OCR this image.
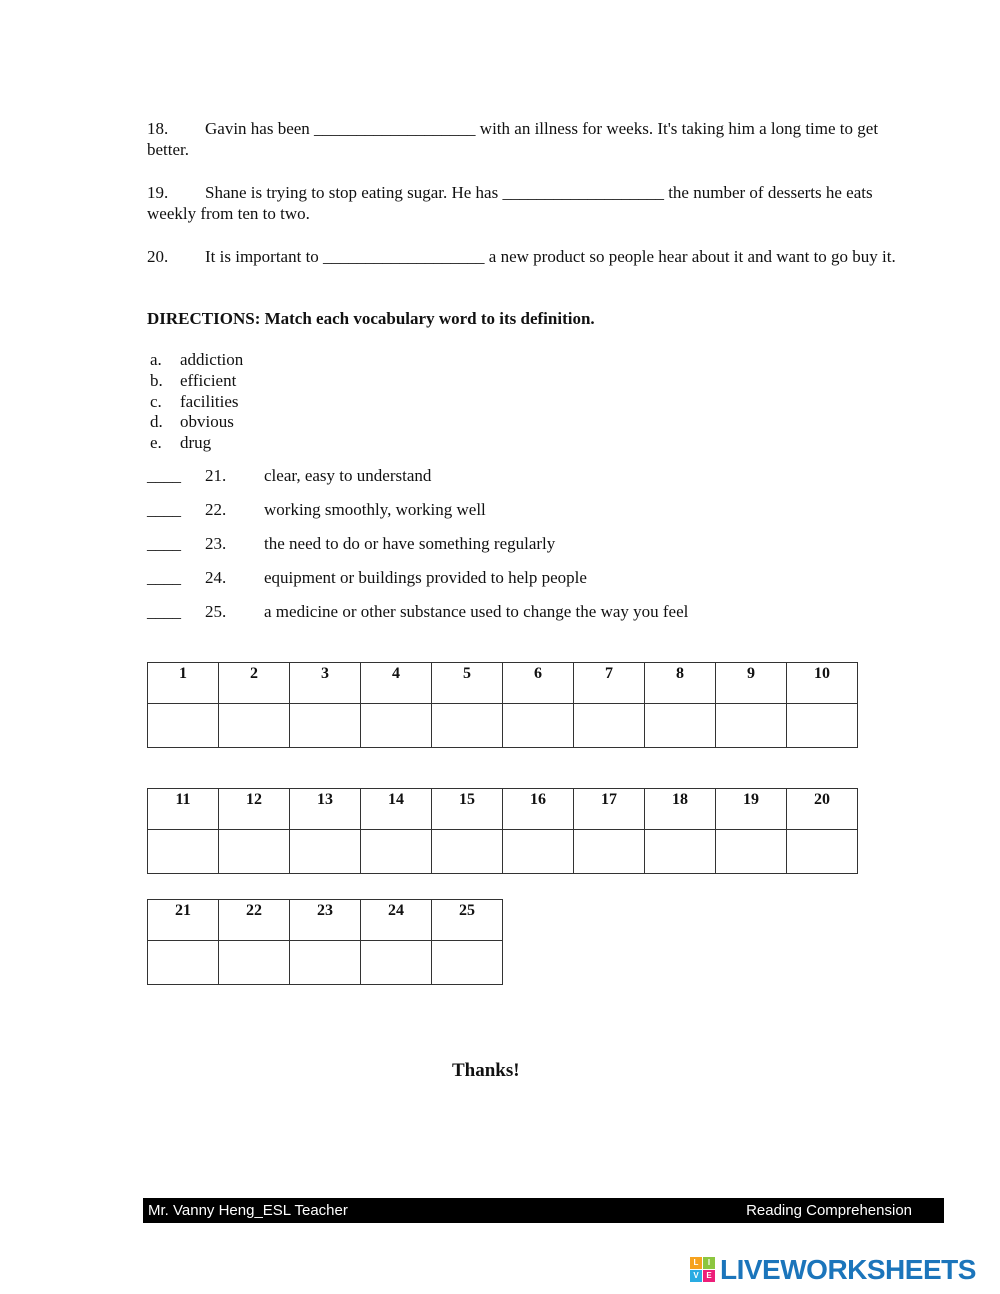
18. Gavin has been ___________________ with an illness for weeks. It's taking him a long time to get better.
19. Shane is trying to stop eating sugar. He has ___________________ the number of desserts he eats weekly from ten to two.
20. It is important to ___________________ a new product so people hear about it and want to go buy it.
DIRECTIONS: Match each vocabulary word to its definition.
a. addiction
b. efficient
c. facilities
d. obvious
e. drug
____ 21. clear, easy to understand
____ 22. working smoothly, working well
____ 23. the need to do or have something regularly
____ 24. equipment or buildings provided to help people
____ 25. a medicine or other substance used to change the way you feel
1	2	3	4	5	6	7	8	9	10

11	12	13	14	15	16	17	18	19	20

21	22	23	24	25

Thanks!
Mr. Vanny Heng_ESL Teacher	Reading Comprehension
L	I
V E LIVEWORKSHEETS
